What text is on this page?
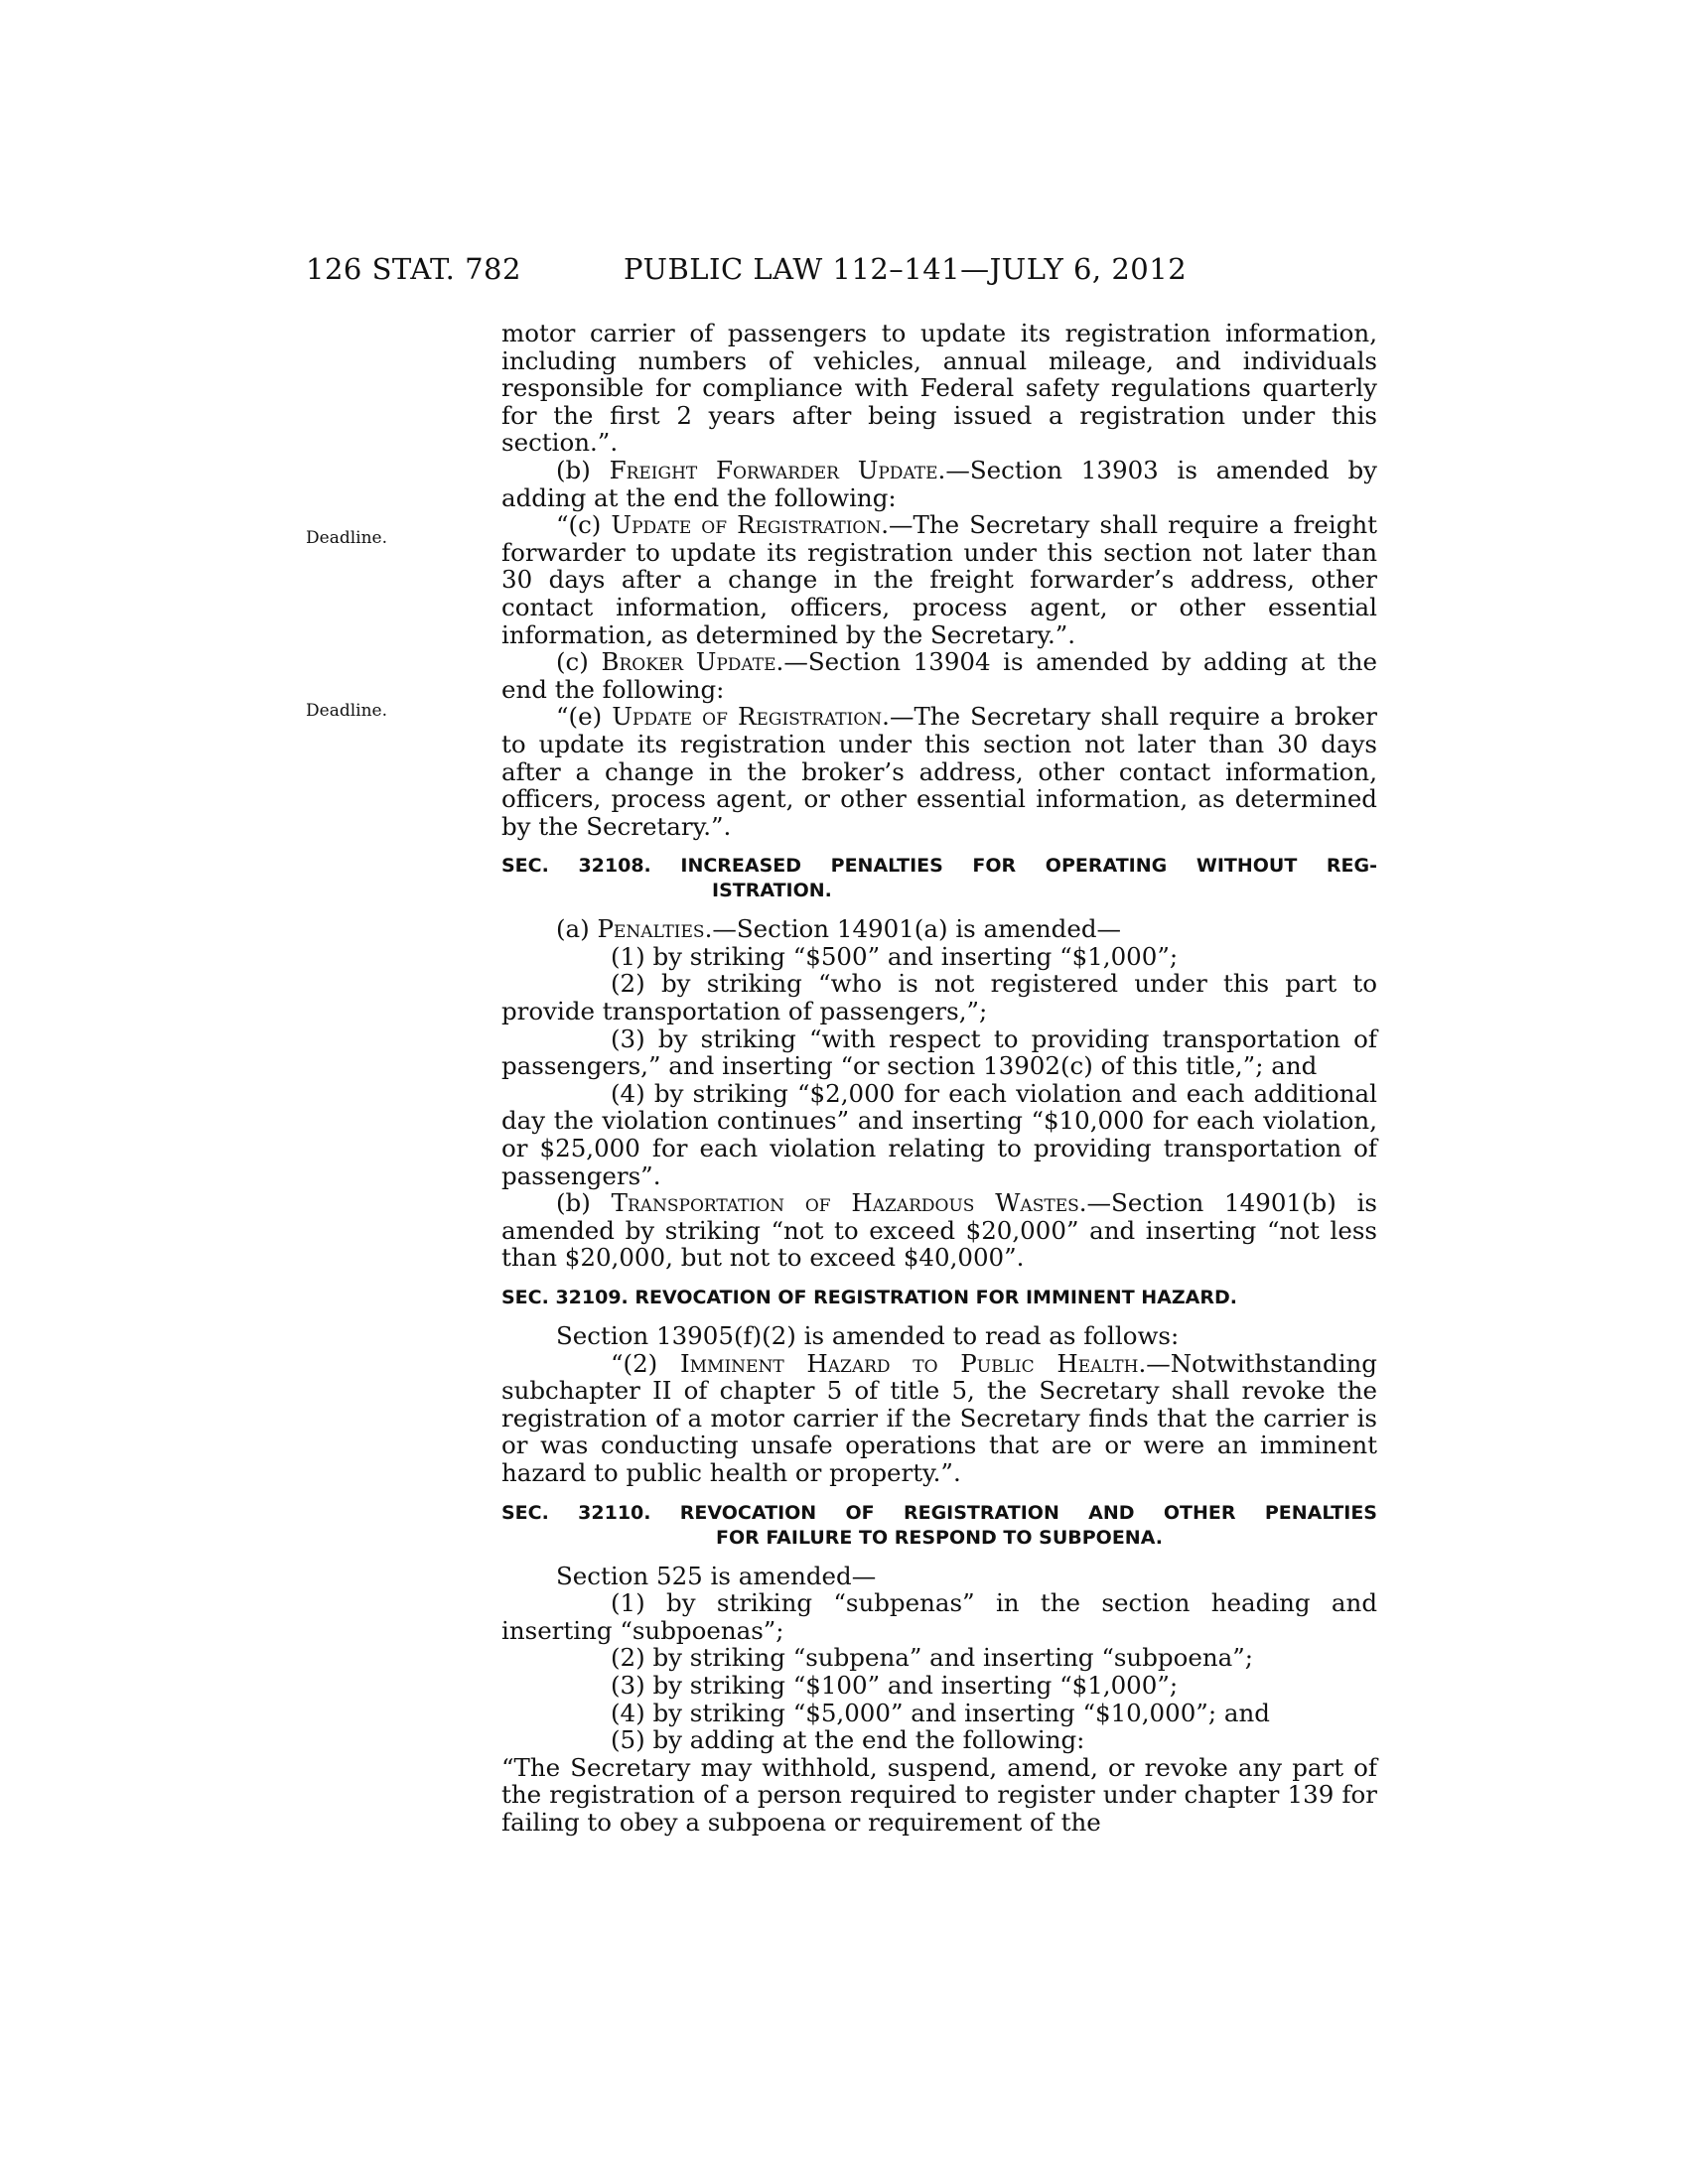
126 STAT. 782	PUBLIC LAW 112–141—JULY 6, 2012
Deadline.
Deadline.

motor carrier of passengers to update its registration information, including numbers of vehicles, annual mileage, and individuals responsible for compliance with Federal safety regulations quarterly for the first 2 years after being issued a registration under this section.”.

(b) Freight Forwarder Update.—Section 13903 is amended by adding at the end the following:

“(c) Update of Registration.—The Secretary shall require a freight forwarder to update its registration under this section not later than 30 days after a change in the freight forwarder’s address, other contact information, officers, process agent, or other essential information, as determined by the Secretary.”.

(c) Broker Update.—Section 13904 is amended by adding at the end the following:

“(e) Update of Registration.—The Secretary shall require a broker to update its registration under this section not later than 30 days after a change in the broker’s address, other contact information, officers, process agent, or other essential information, as determined by the Secretary.”.

SEC. 32108. INCREASED PENALTIES FOR OPERATING WITHOUT REG-
ISTRATION.

(a) Penalties.—Section 14901(a) is amended—

(1) by striking “$500” and inserting “$1,000”;

(2) by striking “who is not registered under this part to provide transportation of passengers,”;

(3) by striking “with respect to providing transportation of passengers,” and inserting “or section 13902(c) of this title,”; and

(4) by striking “$2,000 for each violation and each additional day the violation continues” and inserting “$10,000 for each violation, or $25,000 for each violation relating to providing transportation of passengers”.

(b) Transportation of Hazardous Wastes.—Section 14901(b) is amended by striking “not to exceed $20,000” and inserting “not less than $20,000, but not to exceed $40,000”.

SEC. 32109. REVOCATION OF REGISTRATION FOR IMMINENT HAZARD.

Section 13905(f)(2) is amended to read as follows:

“(2) Imminent Hazard to Public Health.—Notwithstanding subchapter II of chapter 5 of title 5, the Secretary shall revoke the registration of a motor carrier if the Secretary finds that the carrier is or was conducting unsafe operations that are or were an imminent hazard to public health or property.”.

SEC. 32110. REVOCATION OF REGISTRATION AND OTHER PENALTIES
FOR FAILURE TO RESPOND TO SUBPOENA.

Section 525 is amended—

(1) by striking “subpenas” in the section heading and inserting “subpoenas”;

(2) by striking “subpena” and inserting “subpoena”;

(3) by striking “$100” and inserting “$1,000”;

(4) by striking “$5,000” and inserting “$10,000”; and

(5) by adding at the end the following:

“The Secretary may withhold, suspend, amend, or revoke any part of the registration of a person required to register under chapter 139 for failing to obey a subpoena or requirement of the
